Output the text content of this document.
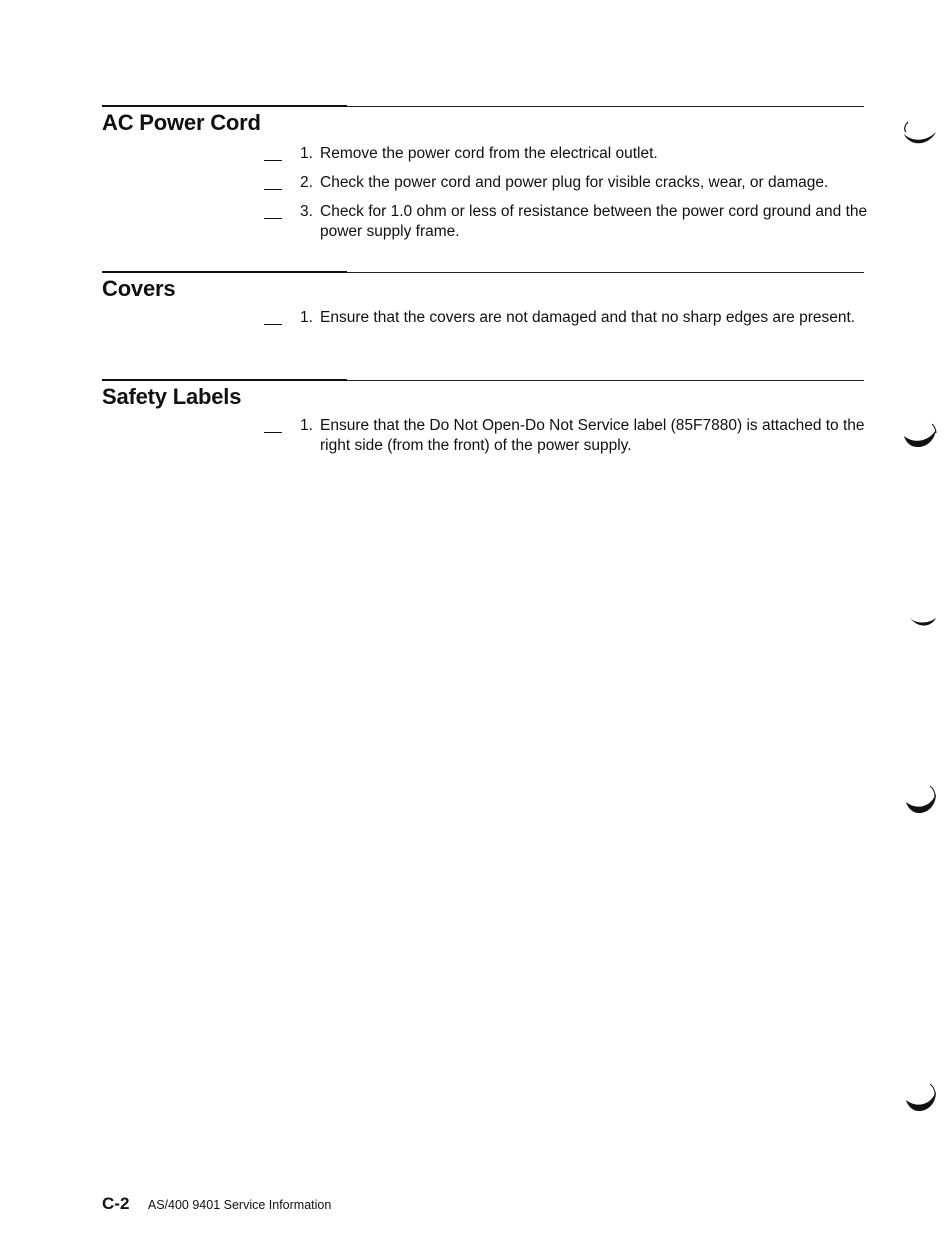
AC Power Cord
1. Remove the power cord from the electrical outlet.
2. Check the power cord and power plug for visible cracks, wear, or damage.
3. Check for 1.0 ohm or less of resistance between the power cord ground and the power supply frame.
Covers
1. Ensure that the covers are not damaged and that no sharp edges are present.
Safety Labels
1. Ensure that the Do Not Open-Do Not Service label (85F7880) is attached to the right side (from the front) of the power supply.
C-2 AS/400 9401 Service Information
